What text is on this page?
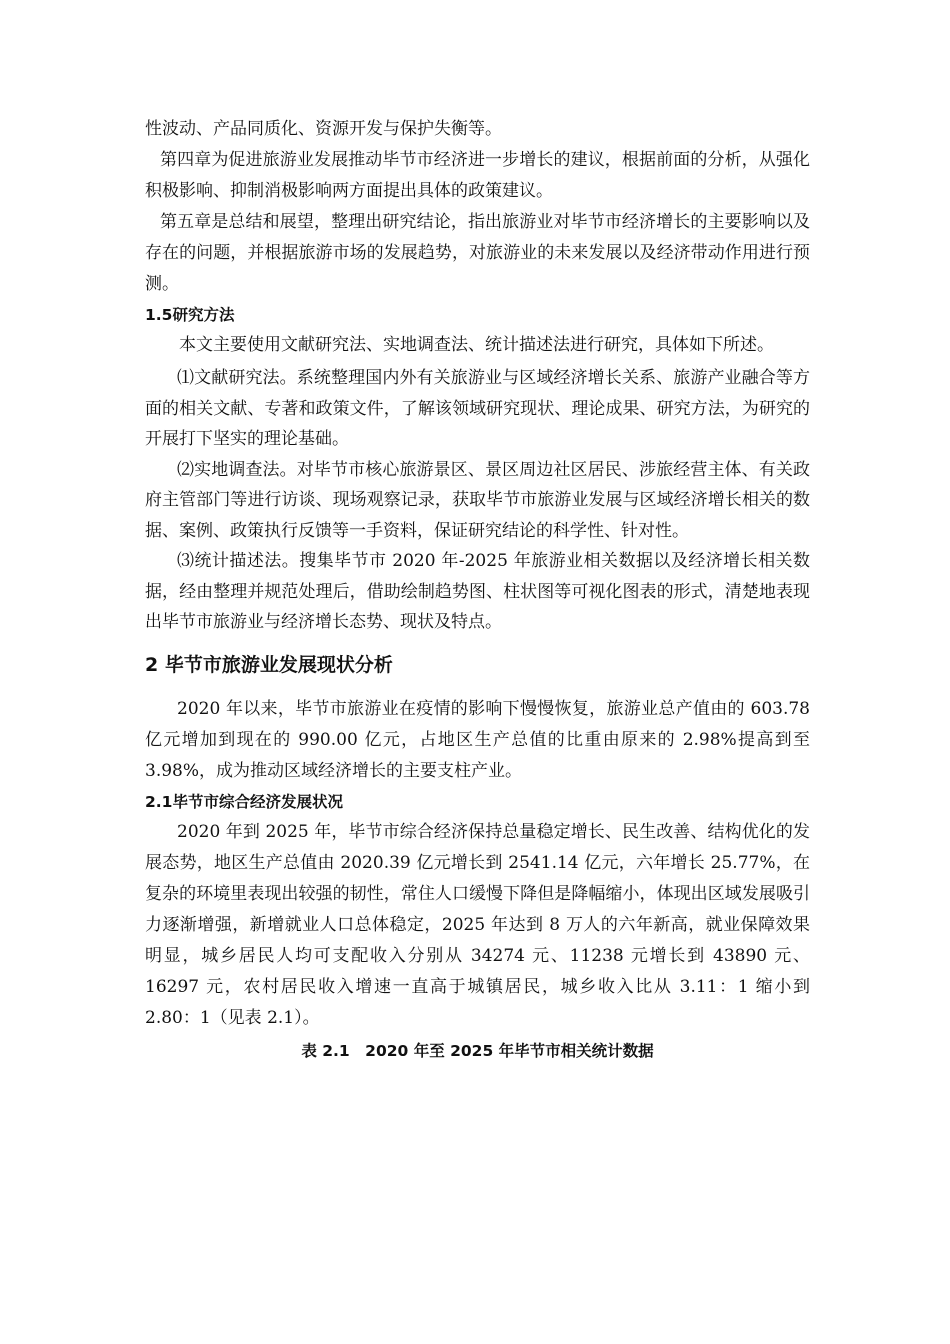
性波动、产品同质化、资源开发与保护失衡等。

第四章为促进旅游业发展推动毕节市经济进一步增长的建议，根据前面的分析，从强化积极影响、抑制消极影响两方面提出具体的政策建议。

第五章是总结和展望，整理出研究结论，指出旅游业对毕节市经济增长的主要影响以及存在的问题，并根据旅游市场的发展趋势，对旅游业的未来发展以及经济带动作用进行预测。

1.5研究方法

本文主要使用文献研究法、实地调查法、统计描述法进行研究，具体如下所述。

⑴文献研究法。系统整理国内外有关旅游业与区域经济增长关系、旅游产业融合等方面的相关文献、专著和政策文件，了解该领域研究现状、理论成果、研究方法，为研究的开展打下坚实的理论基础。

⑵实地调查法。对毕节市核心旅游景区、景区周边社区居民、涉旅经营主体、有关政府主管部门等进行访谈、现场观察记录，获取毕节市旅游业发展与区域经济增长相关的数据、案例、政策执行反馈等一手资料，保证研究结论的科学性、针对性。

⑶统计描述法。搜集毕节市 2020 年-2025 年旅游业相关数据以及经济增长相关数据，经由整理并规范处理后，借助绘制趋势图、柱状图等可视化图表的形式，清楚地表现出毕节市旅游业与经济增长态势、现状及特点。

2 毕节市旅游业发展现状分析

2020 年以来，毕节市旅游业在疫情的影响下慢慢恢复，旅游业总产值由的 603.78 亿元增加到现在的 990.00 亿元，占地区生产总值的比重由原来的 2.98%提高到至 3.98%，成为推动区域经济增长的主要支柱产业。

2.1毕节市综合经济发展状况

2020 年到 2025 年，毕节市综合经济保持总量稳定增长、民生改善、结构优化的发展态势，地区生产总值由 2020.39 亿元增长到 2541.14 亿元，六年增长 25.77%，在复杂的环境里表现出较强的韧性，常住人口缓慢下降但是降幅缩小，体现出区域发展吸引力逐渐增强，新增就业人口总体稳定，2025 年达到 8 万人的六年新高，就业保障效果明显，城乡居民人均可支配收入分别从 34274 元、11238 元增长到 43890 元、16297 元，农村居民收入增速一直高于城镇居民，城乡收入比从 3.11：1 缩小到 2.80：1（见表 2.1）。

表 2.1　2020 年至 2025 年毕节市相关统计数据
